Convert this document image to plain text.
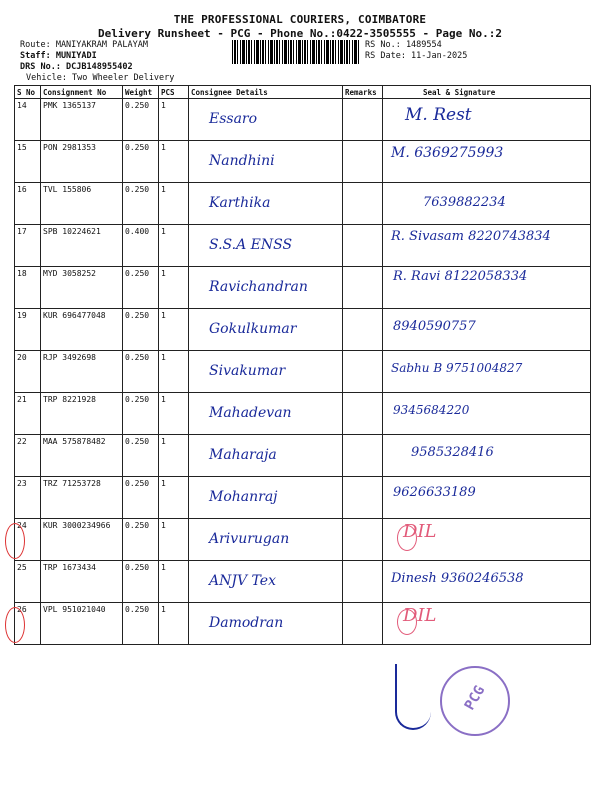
THE PROFESSIONAL COURIERS, COIMBATORE
Delivery Runsheet - PCG - Phone No.:0422-3505555 - Page No.:2
Route: MANIYAKRAM PALAYAM
Staff: MUNIYADI
DRS No.: DCJB148955402
Vehicle: Two Wheeler Delivery
RS No.: 1489554
RS Date: 11-Jan-2025
S No	Consignment No	Weight	PCS	Consignee Details	Remarks	Seal & Signature
14	PMK 1365137	0.250	1	Essaro		M. Rest

15	PON 2981353	0.250	1	Nandhini		M. 6369275993

16	TVL 155806	0.250	1	Karthika		7639882234

17	SPB 10224621	0.400	1	S.S.A ENSS		R. Sivasam 8220743834

18	MYD 3058252	0.250	1	Ravichandran		R. Ravi 8122058334

19	KUR 696477048	0.250	1	Gokulkumar		8940590757

20	RJP 3492698	0.250	1	Sivakumar		Sabhu B 9751004827

21	TRP 8221928	0.250	1	Mahadevan		9345684220

22	MAA 575878482	0.250	1	Maharaja		9585328416

23	TRZ 71253728	0.250	1	Mohanraj		9626633189

24	KUR 3000234966	0.250	1	Arivurugan		DIL

25	TRP 1673434	0.250	1	ANJV Tex		Dinesh 9360246538

26	VPL 951021040	0.250	1	Damodran		DIL
PCG
